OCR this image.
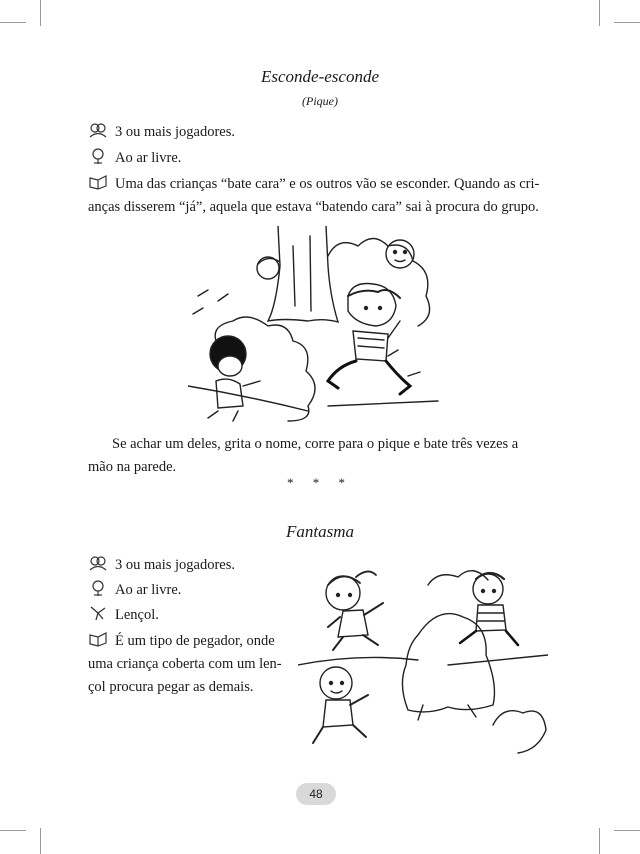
Esconde-esconde
(Pique)
3 ou mais jogadores.
Ao ar livre.
Uma das crianças “bate cara” e os outros vão se esconder. Quando as cri-
anças disserem “já”, aquela que estava “batendo cara” sai à procura do grupo.
Se achar um deles, grita o nome, corre para o pique e bate três vezes a
mão na parede.
* * *
Fantasma
3 ou mais jogadores.
Ao ar livre.
Lençol.
É um tipo de pegador, onde
uma criança coberta com um len-
çol procura pegar as demais.
48
